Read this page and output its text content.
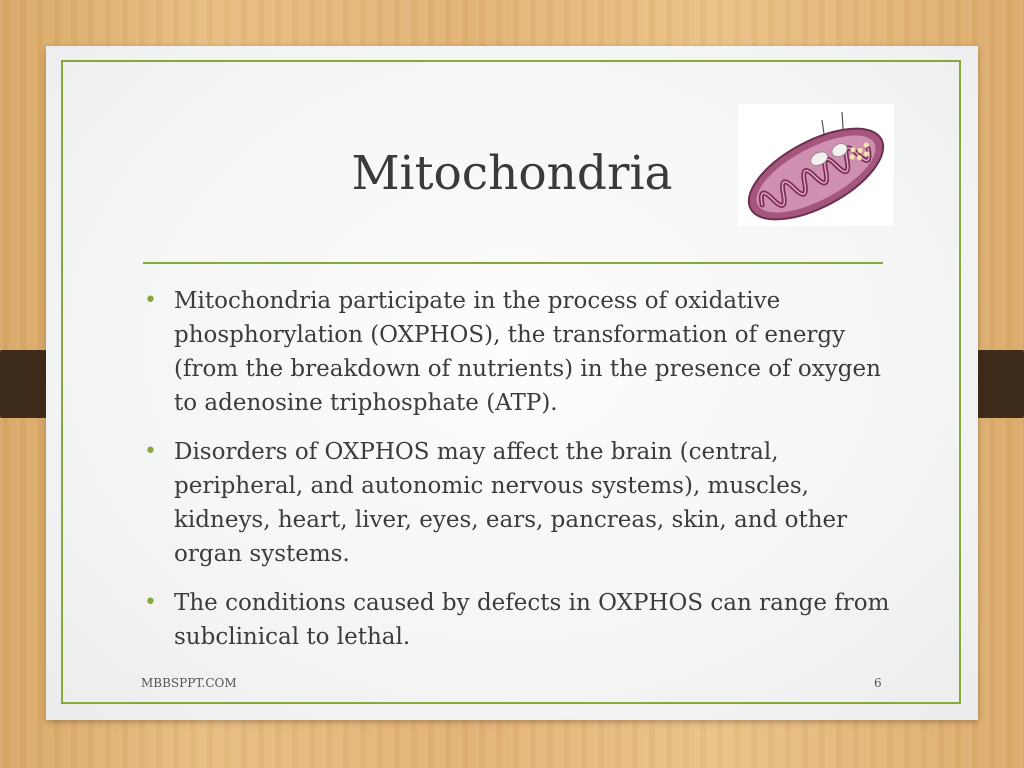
Mitochondria
• Mitochondria participate in the process of oxidative phosphorylation (OXPHOS), the transformation of energy (from the breakdown of nutrients) in the presence of oxygen to adenosine triphosphate (ATP).
• Disorders of OXPHOS may affect the brain (central, peripheral, and autonomic nervous systems), muscles, kidneys, heart, liver, eyes, ears, pancreas, skin, and other organ systems.
• The conditions caused by defects in OXPHOS can range from subclinical to lethal.
MBBSPPT.COM	6
